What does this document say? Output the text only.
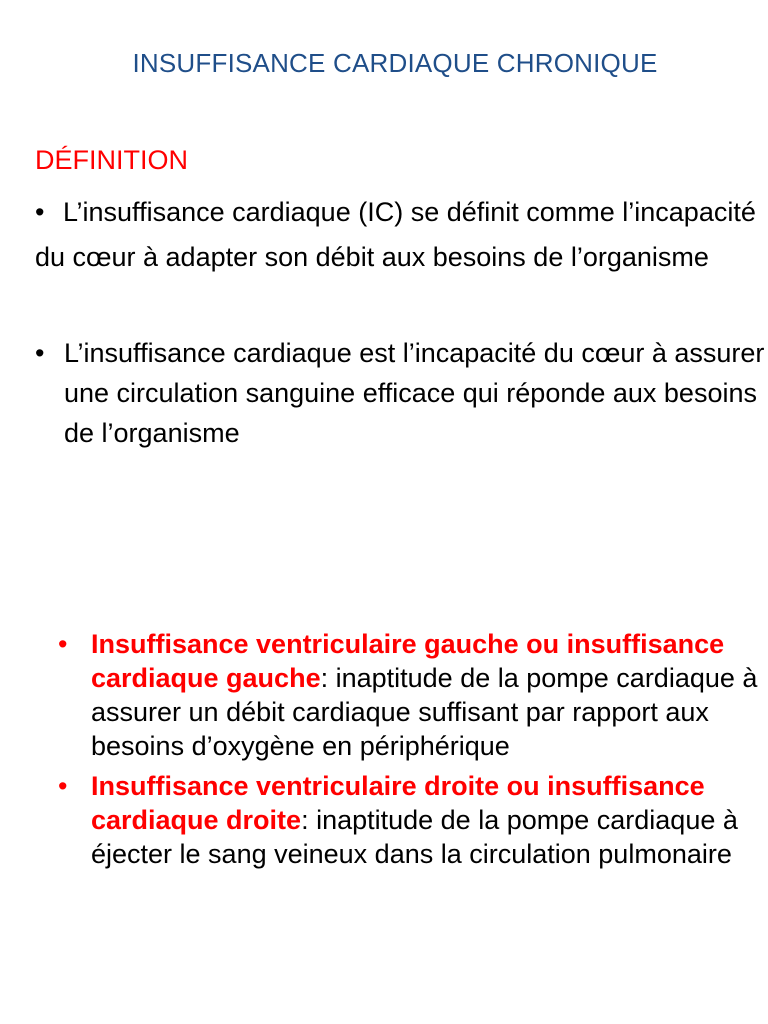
INSUFFISANCE CARDIAQUE CHRONIQUE
DÉFINITION
• L’insuffisance cardiaque (IC) se définit comme l’incapacité du cœur à adapter son débit aux besoins de l’organisme
• L’insuffisance cardiaque est l’incapacité du cœur à assurer une circulation sanguine efficace qui réponde aux besoins de l’organisme
• Insuffisance ventriculaire gauche ou insuffisance cardiaque gauche: inaptitude de la pompe cardiaque à assurer un débit cardiaque suffisant par rapport aux besoins d’oxygène en périphérique
• Insuffisance ventriculaire droite ou insuffisance cardiaque droite: inaptitude de la pompe cardiaque à éjecter le sang veineux dans la circulation pulmonaire
